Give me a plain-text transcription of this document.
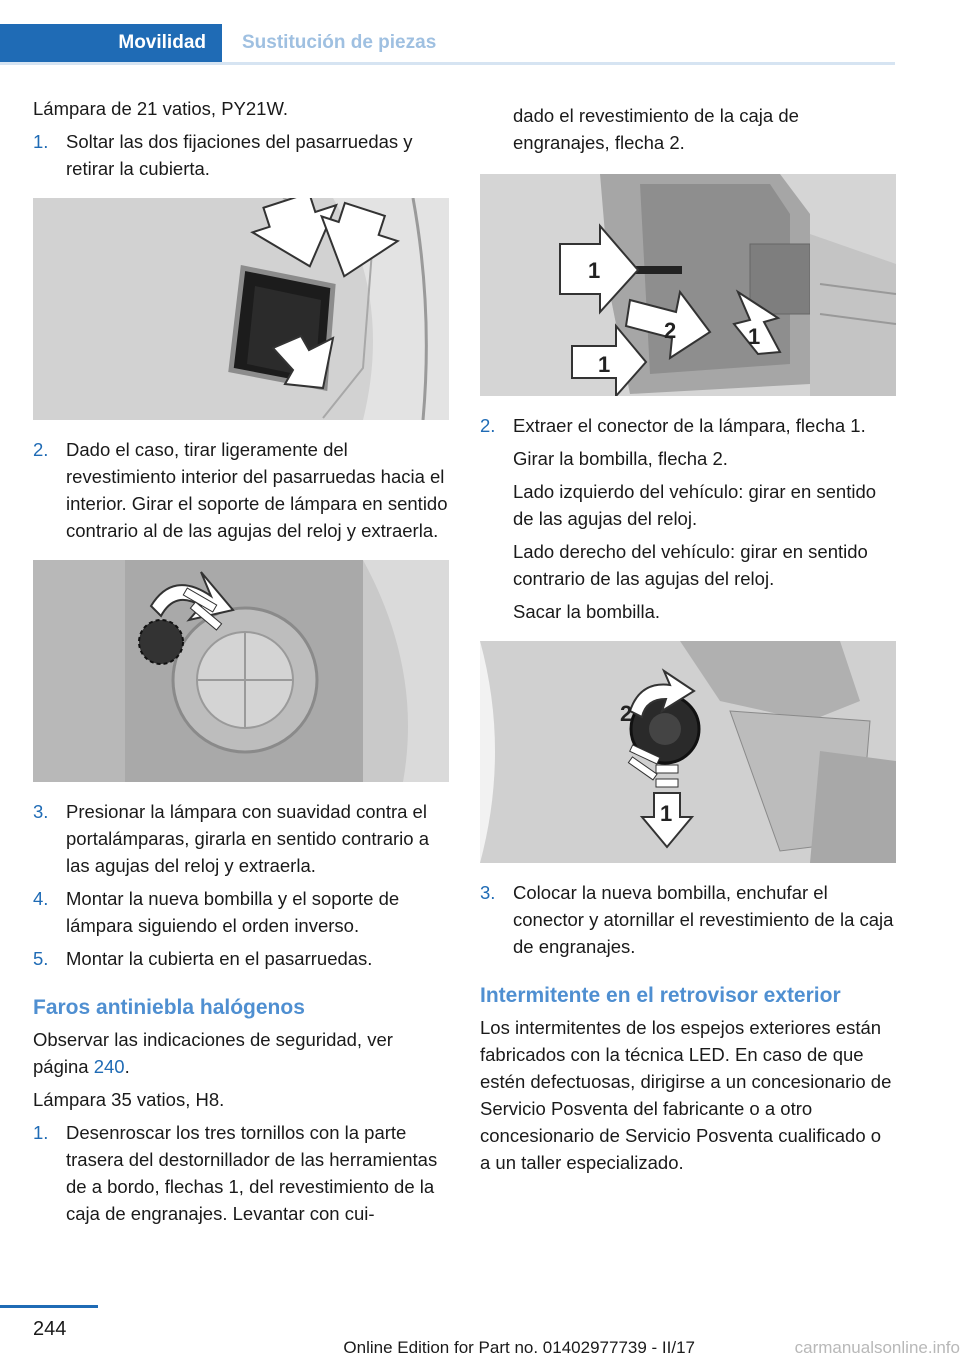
Movilidad	Sustitución de piezas

Lámpara de 21 vatios, PY21W.

1. Soltar las dos fijaciones del pasarruedas y retirar la cubierta.
2. Dado el caso, tirar ligeramente del revestimiento interior del pasarruedas hacia el interior. Girar el soporte de lámpara en sentido contrario al de las agujas del reloj y extraerla.
3. Presionar la lámpara con suavidad contra el portalámparas, girarla en sentido contrario a las agujas del reloj y extraerla.
4. Montar la nueva bombilla y el soporte de lámpara siguiendo el orden inverso.
5. Montar la cubierta en el pasarruedas.
Faros antiniebla halógenos

Observar las indicaciones de seguridad, ver página 240.

Lámpara 35 vatios, H8.

1. Desenroscar los tres tornillos con la parte trasera del destornillador de las herramientas de a bordo, flechas 1, del revestimiento de la caja de engranajes. Levantar con cui-
dado el revestimiento de la caja de engranajes, flecha 2.
1
2
1
1
2. Extraer el conector de la lámpara, flecha 1.
Girar la bombilla, flecha 2.
Lado izquierdo del vehículo: girar en sentido de las agujas del reloj.
Lado derecho del vehículo: girar en sentido contrario de las agujas del reloj.
Sacar la bombilla.
2
1
3. Colocar la nueva bombilla, enchufar el conector y atornillar el revestimiento de la caja de engranajes.
Intermitente en el retrovisor exterior

Los intermitentes de los espejos exteriores están fabricados con la técnica LED. En caso de que estén defectuosas, dirigirse a un concesionario de Servicio Posventa del fabricante o a otro concesionario de Servicio Posventa cualificado o a un taller especializado.

244
Online Edition for Part no. 01402977739 - II/17	carmanualsonline.info
